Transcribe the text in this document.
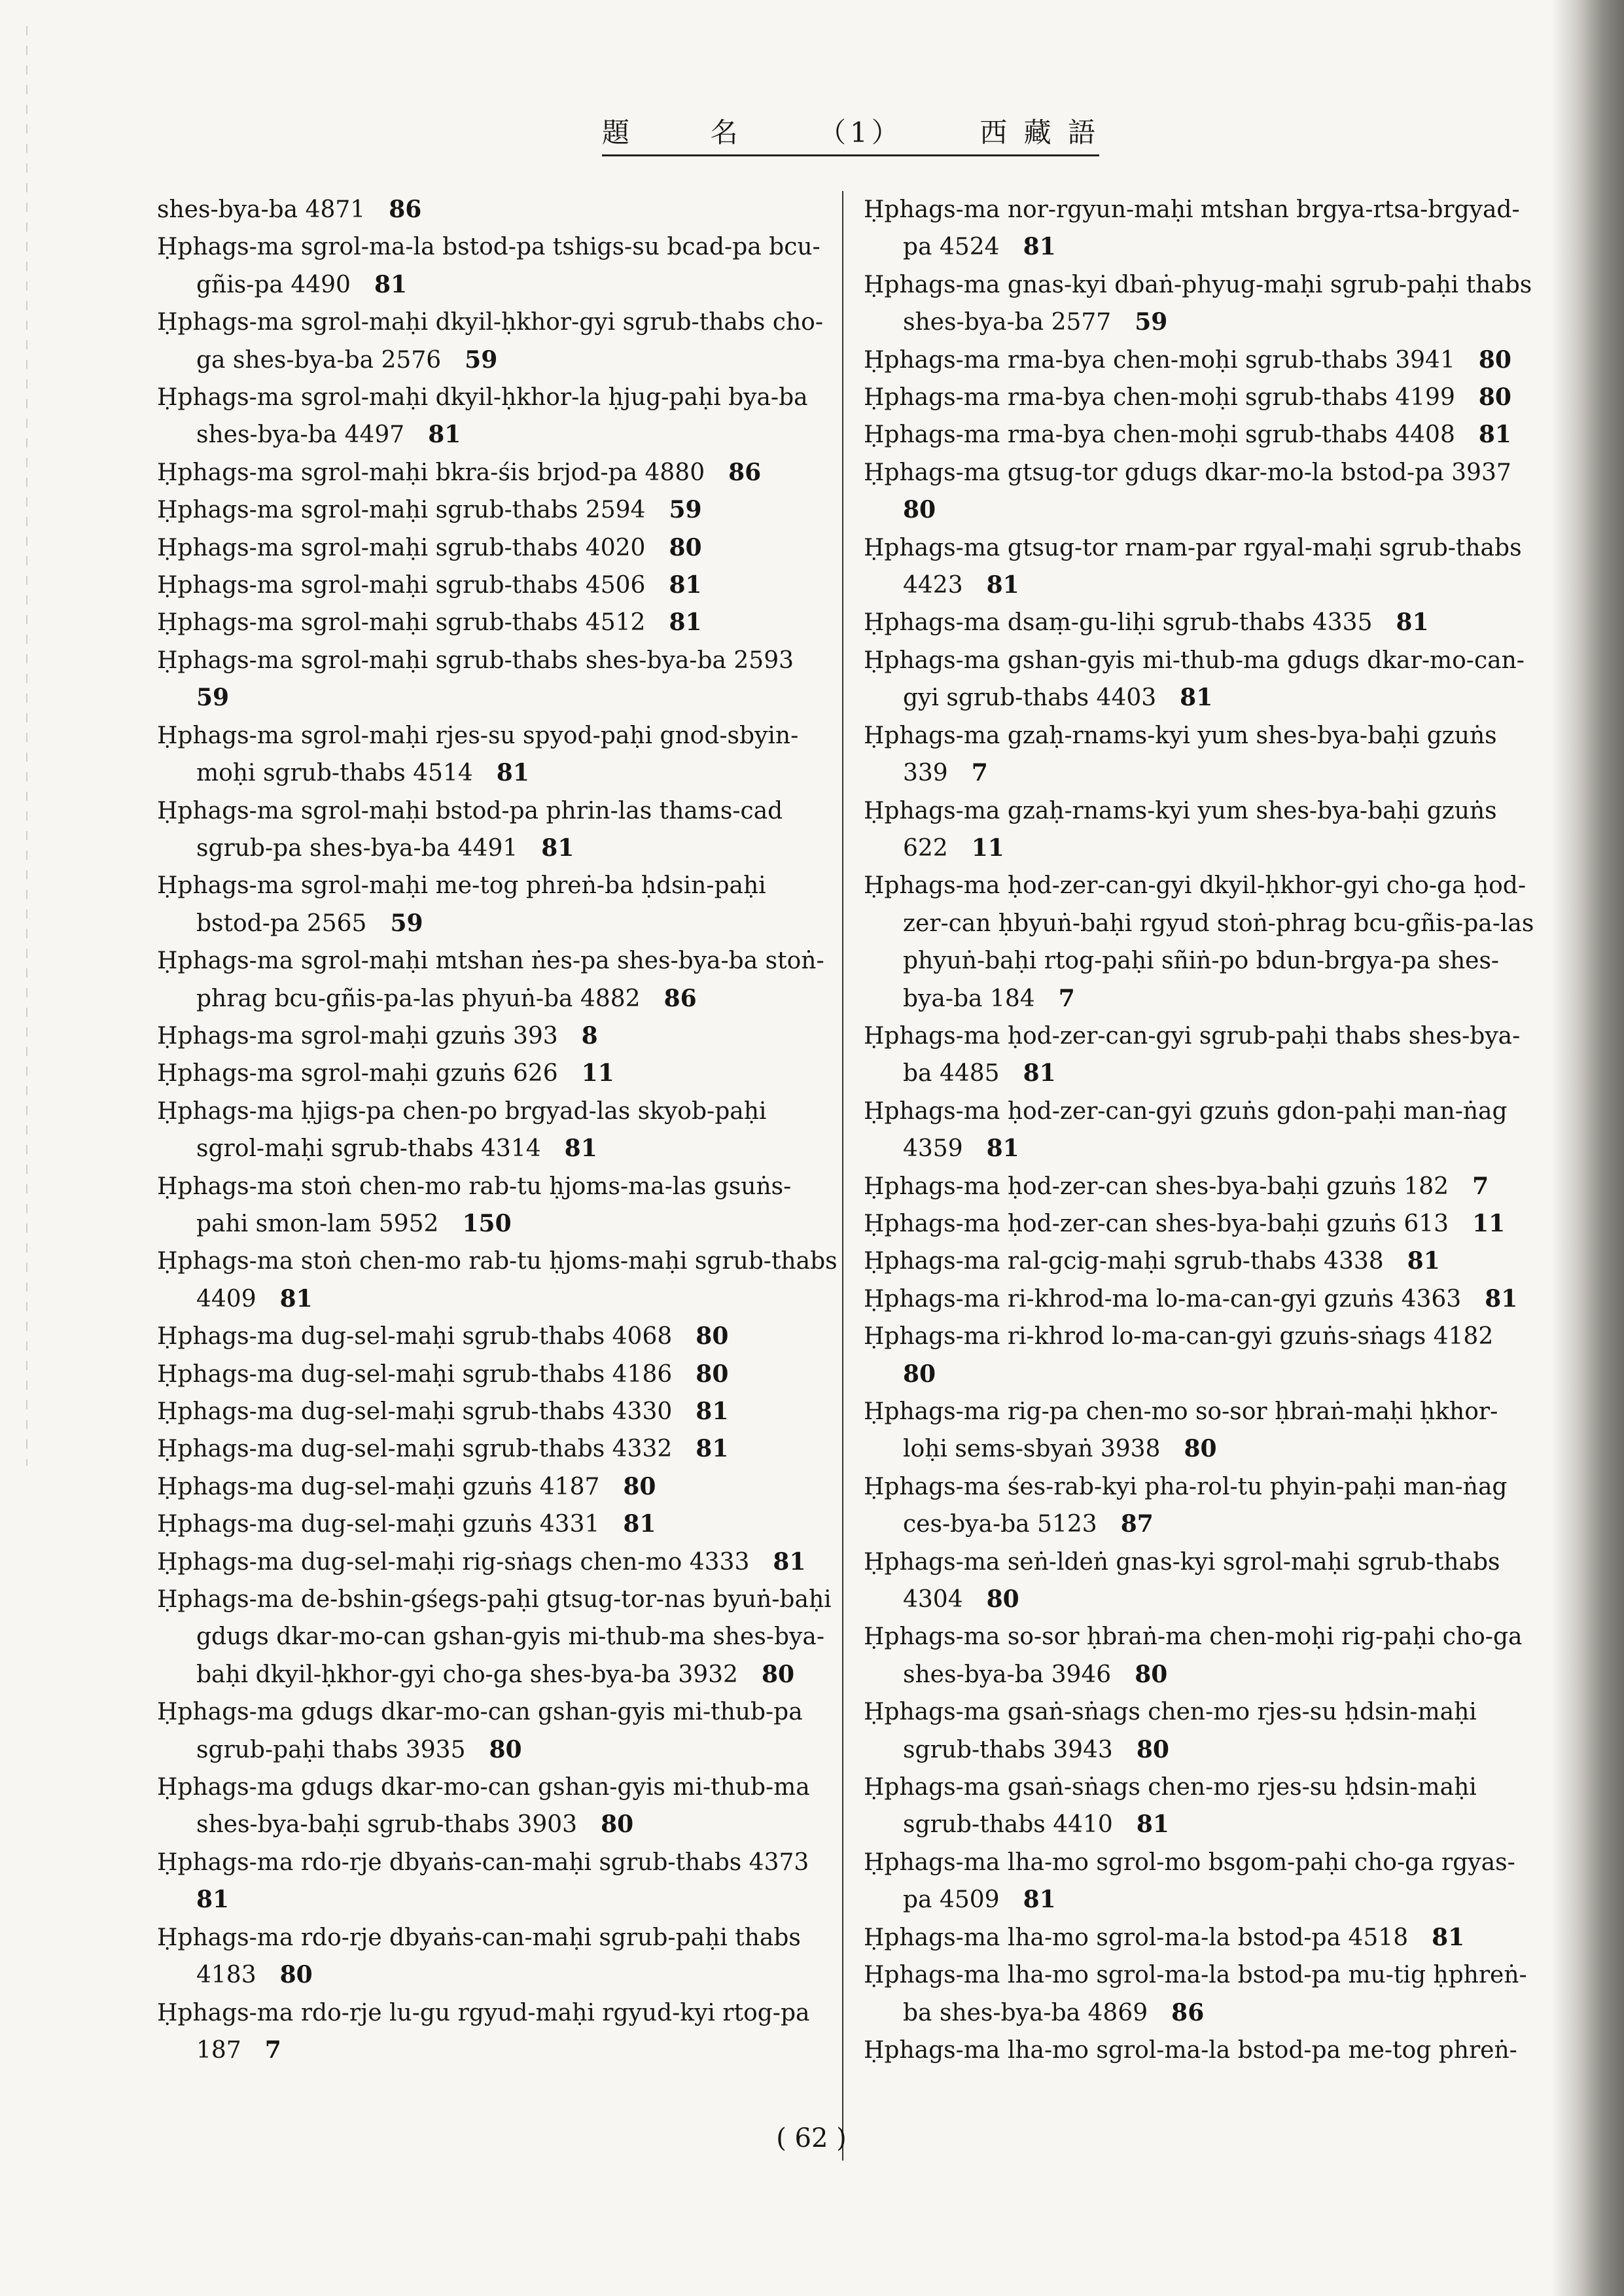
題	名	（1）	西 藏 語

shes-bya-ba 4871  86

Ḥphags-ma sgrol-ma-la bstod-pa tshigs-su bcad-pa bcu-gñis-pa 4490  81

Ḥphags-ma sgrol-maḥi dkyil-ḥkhor-gyi sgrub-thabs cho-ga shes-bya-ba 2576  59

Ḥphags-ma sgrol-maḥi dkyil-ḥkhor-la ḥjug-paḥi bya-ba shes-bya-ba 4497  81

Ḥphags-ma sgrol-maḥi bkra-śis brjod-pa 4880  86

Ḥphags-ma sgrol-maḥi sgrub-thabs 2594  59

Ḥphags-ma sgrol-maḥi sgrub-thabs 4020  80

Ḥphags-ma sgrol-maḥi sgrub-thabs 4506  81

Ḥphags-ma sgrol-maḥi sgrub-thabs 4512  81

Ḥphags-ma sgrol-maḥi sgrub-thabs shes-bya-ba 2593 59

Ḥphags-ma sgrol-maḥi rjes-su spyod-paḥi gnod-sbyin-moḥi sgrub-thabs 4514  81

Ḥphags-ma sgrol-maḥi bstod-pa phrin-las thams-cad sgrub-pa shes-bya-ba 4491  81

Ḥphags-ma sgrol-maḥi me-tog phreṅ-ba ḥdsin-paḥi bstod-pa 2565  59

Ḥphags-ma sgrol-maḥi mtshan ṅes-pa shes-bya-ba stoṅ-phrag bcu-gñis-pa-las phyuṅ-ba 4882  86

Ḥphags-ma sgrol-maḥi gzuṅs 393  8

Ḥphags-ma sgrol-maḥi gzuṅs 626  11

Ḥphags-ma ḥjigs-pa chen-po brgyad-las skyob-paḥi sgrol-maḥi sgrub-thabs 4314  81

Ḥphags-ma stoṅ chen-mo rab-tu ḥjoms-ma-las gsuṅs-pahi smon-lam 5952  150

Ḥphags-ma stoṅ chen-mo rab-tu ḥjoms-maḥi sgrub-thabs 4409  81

Ḥphags-ma dug-sel-maḥi sgrub-thabs 4068  80

Ḥphags-ma dug-sel-maḥi sgrub-thabs 4186  80

Ḥphags-ma dug-sel-maḥi sgrub-thabs 4330  81

Ḥphags-ma dug-sel-maḥi sgrub-thabs 4332  81

Ḥphags-ma dug-sel-maḥi gzuṅs 4187  80

Ḥphags-ma dug-sel-maḥi gzuṅs 4331  81

Ḥphags-ma dug-sel-maḥi rig-sṅags chen-mo 4333  81

Ḥphags-ma de-bshin-gśegs-paḥi gtsug-tor-nas byuṅ-baḥi gdugs dkar-mo-can gshan-gyis mi-thub-ma shes-bya-baḥi dkyil-ḥkhor-gyi cho-ga shes-bya-ba 3932  80

Ḥphags-ma gdugs dkar-mo-can gshan-gyis mi-thub-pa sgrub-paḥi thabs 3935  80

Ḥphags-ma gdugs dkar-mo-can gshan-gyis mi-thub-ma shes-bya-baḥi sgrub-thabs 3903  80

Ḥphags-ma rdo-rje dbyaṅs-can-maḥi sgrub-thabs 4373 81

Ḥphags-ma rdo-rje dbyaṅs-can-maḥi sgrub-paḥi thabs 4183  80

Ḥphags-ma rdo-rje lu-gu rgyud-maḥi rgyud-kyi rtog-pa 187  7

Ḥphags-ma nor-rgyun-maḥi mtshan brgya-rtsa-brgyad-pa 4524  81

Ḥphags-ma gnas-kyi dbaṅ-phyug-maḥi sgrub-paḥi thabs shes-bya-ba 2577  59

Ḥphags-ma rma-bya chen-moḥi sgrub-thabs 3941  80

Ḥphags-ma rma-bya chen-moḥi sgrub-thabs 4199  80

Ḥphags-ma rma-bya chen-moḥi sgrub-thabs 4408  81

Ḥphags-ma gtsug-tor gdugs dkar-mo-la bstod-pa 3937 80

Ḥphags-ma gtsug-tor rnam-par rgyal-maḥi sgrub-thabs 4423  81

Ḥphags-ma dsaṃ-gu-liḥi sgrub-thabs 4335  81

Ḥphags-ma gshan-gyis mi-thub-ma gdugs dkar-mo-can-gyi sgrub-thabs 4403  81

Ḥphags-ma gzaḥ-rnams-kyi yum shes-bya-baḥi gzuṅs 339  7

Ḥphags-ma gzaḥ-rnams-kyi yum shes-bya-baḥi gzuṅs 622  11

Ḥphags-ma ḥod-zer-can-gyi dkyil-ḥkhor-gyi cho-ga ḥod-zer-can ḥbyuṅ-baḥi rgyud stoṅ-phrag bcu-gñis-pa-las phyuṅ-baḥi rtog-paḥi sñiṅ-po bdun-brgya-pa shes-bya-ba 184  7

Ḥphags-ma ḥod-zer-can-gyi sgrub-paḥi thabs shes-bya-ba 4485  81

Ḥphags-ma ḥod-zer-can-gyi gzuṅs gdon-paḥi man-ṅag 4359  81

Ḥphags-ma ḥod-zer-can shes-bya-baḥi gzuṅs 182  7

Ḥphags-ma ḥod-zer-can shes-bya-baḥi gzuṅs 613  11

Ḥphags-ma ral-gcig-maḥi sgrub-thabs 4338  81

Ḥphags-ma ri-khrod-ma lo-ma-can-gyi gzuṅs 4363  81

Ḥphags-ma ri-khrod lo-ma-can-gyi gzuṅs-sṅags 4182 80

Ḥphags-ma rig-pa chen-mo so-sor ḥbraṅ-maḥi ḥkhor-loḥi sems-sbyaṅ 3938  80

Ḥphags-ma śes-rab-kyi pha-rol-tu phyin-paḥi man-ṅag ces-bya-ba 5123  87

Ḥphags-ma seṅ-ldeṅ gnas-kyi sgrol-maḥi sgrub-thabs 4304  80

Ḥphags-ma so-sor ḥbraṅ-ma chen-moḥi rig-paḥi cho-ga shes-bya-ba 3946  80

Ḥphags-ma gsaṅ-sṅags chen-mo rjes-su ḥdsin-maḥi sgrub-thabs 3943  80

Ḥphags-ma gsaṅ-sṅags chen-mo rjes-su ḥdsin-maḥi sgrub-thabs 4410  81

Ḥphags-ma lha-mo sgrol-mo bsgom-paḥi cho-ga rgyas-pa 4509  81

Ḥphags-ma lha-mo sgrol-ma-la bstod-pa 4518  81

Ḥphags-ma lha-mo sgrol-ma-la bstod-pa mu-tig ḥphreṅ-ba shes-bya-ba 4869  86

Ḥphags-ma lha-mo sgrol-ma-la bstod-pa me-tog phreṅ-

( 62 )
